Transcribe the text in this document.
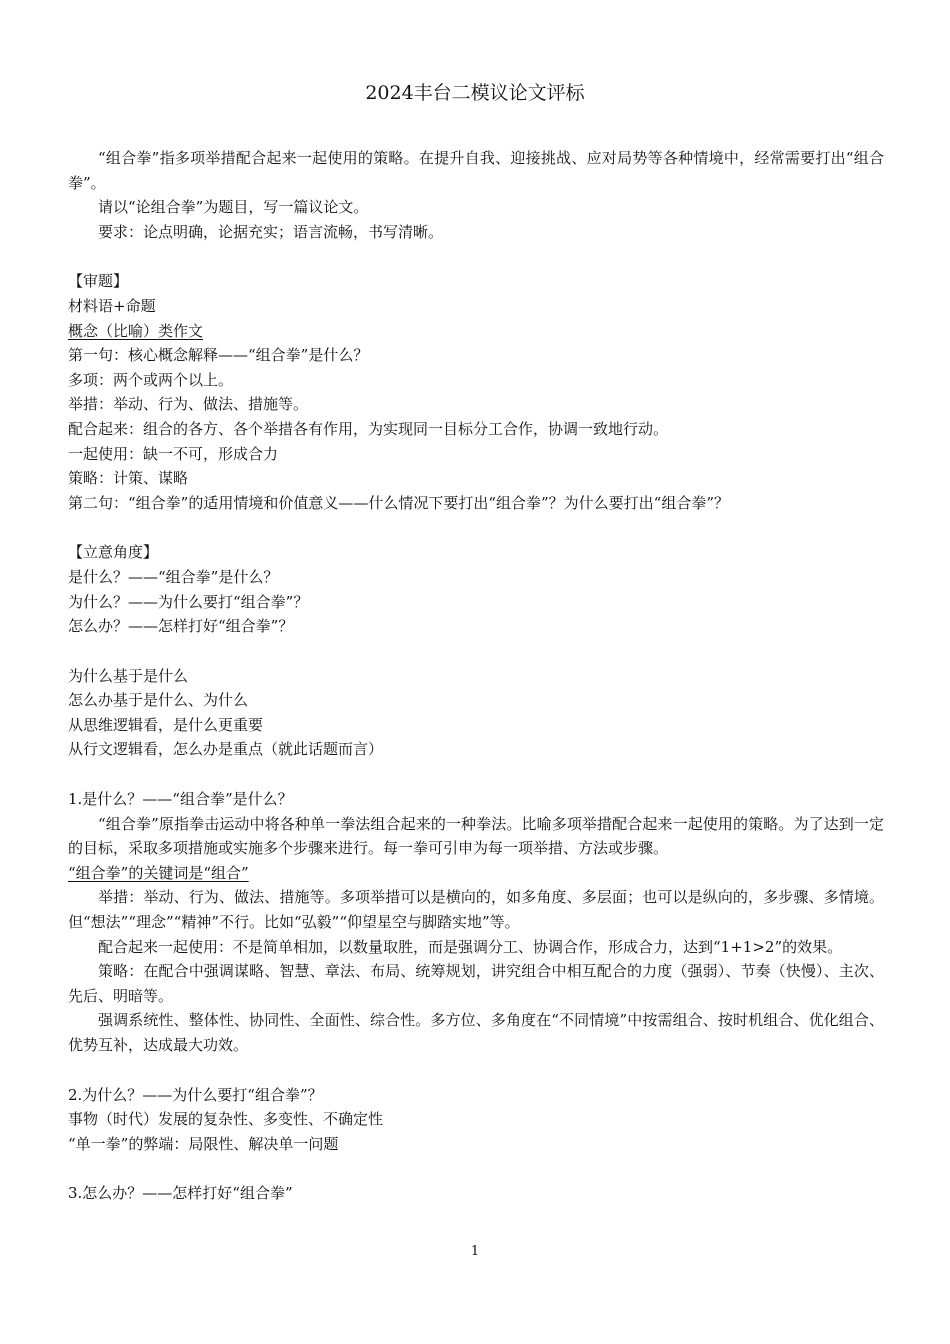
2024丰台二模议论文评标

“组合拳”指多项举措配合起来一起使用的策略。在提升自我、迎接挑战、应对局势等各种情境中，经常需要打出“组合拳”。

请以“论组合拳”为题目，写一篇议论文。

要求：论点明确，论据充实；语言流畅，书写清晰。

【审题】

材料语+命题

概念（比喻）类作文

第一句：核心概念解释——“组合拳”是什么？

多项：两个或两个以上。

举措：举动、行为、做法、措施等。

配合起来：组合的各方、各个举措各有作用，为实现同一目标分工合作，协调一致地行动。

一起使用：缺一不可，形成合力

策略：计策、谋略

第二句：“组合拳”的适用情境和价值意义——什么情况下要打出“组合拳”？为什么要打出“组合拳”？

【立意角度】

是什么？——“组合拳”是什么？

为什么？——为什么要打“组合拳”？

怎么办？——怎样打好“组合拳”？

为什么基于是什么

怎么办基于是什么、为什么

从思维逻辑看，是什么更重要

从行文逻辑看，怎么办是重点（就此话题而言）

1.是什么？——“组合拳”是什么？

“组合拳”原指拳击运动中将各种单一拳法组合起来的一种拳法。比喻多项举措配合起来一起使用的策略。为了达到一定的目标，采取多项措施或实施多个步骤来进行。每一拳可引申为每一项举措、方法或步骤。

“组合拳”的关键词是“组合”

举措：举动、行为、做法、措施等。多项举措可以是横向的，如多角度、多层面；也可以是纵向的，多步骤、多情境。但“想法”“理念”“精神”不行。比如“弘毅”“仰望星空与脚踏实地”等。

配合起来一起使用：不是简单相加，以数量取胜，而是强调分工、协调合作，形成合力，达到“1+1>2”的效果。

策略：在配合中强调谋略、智慧、章法、布局、统筹规划，讲究组合中相互配合的力度（强弱）、节奏（快慢）、主次、先后、明暗等。

强调系统性、整体性、协同性、全面性、综合性。多方位、多角度在“不同情境”中按需组合、按时机组合、优化组合、优势互补，达成最大功效。

2.为什么？——为什么要打“组合拳”？

事物（时代）发展的复杂性、多变性、不确定性

“单一拳”的弊端：局限性、解决单一问题

3.怎么办？——怎样打好“组合拳”

1
